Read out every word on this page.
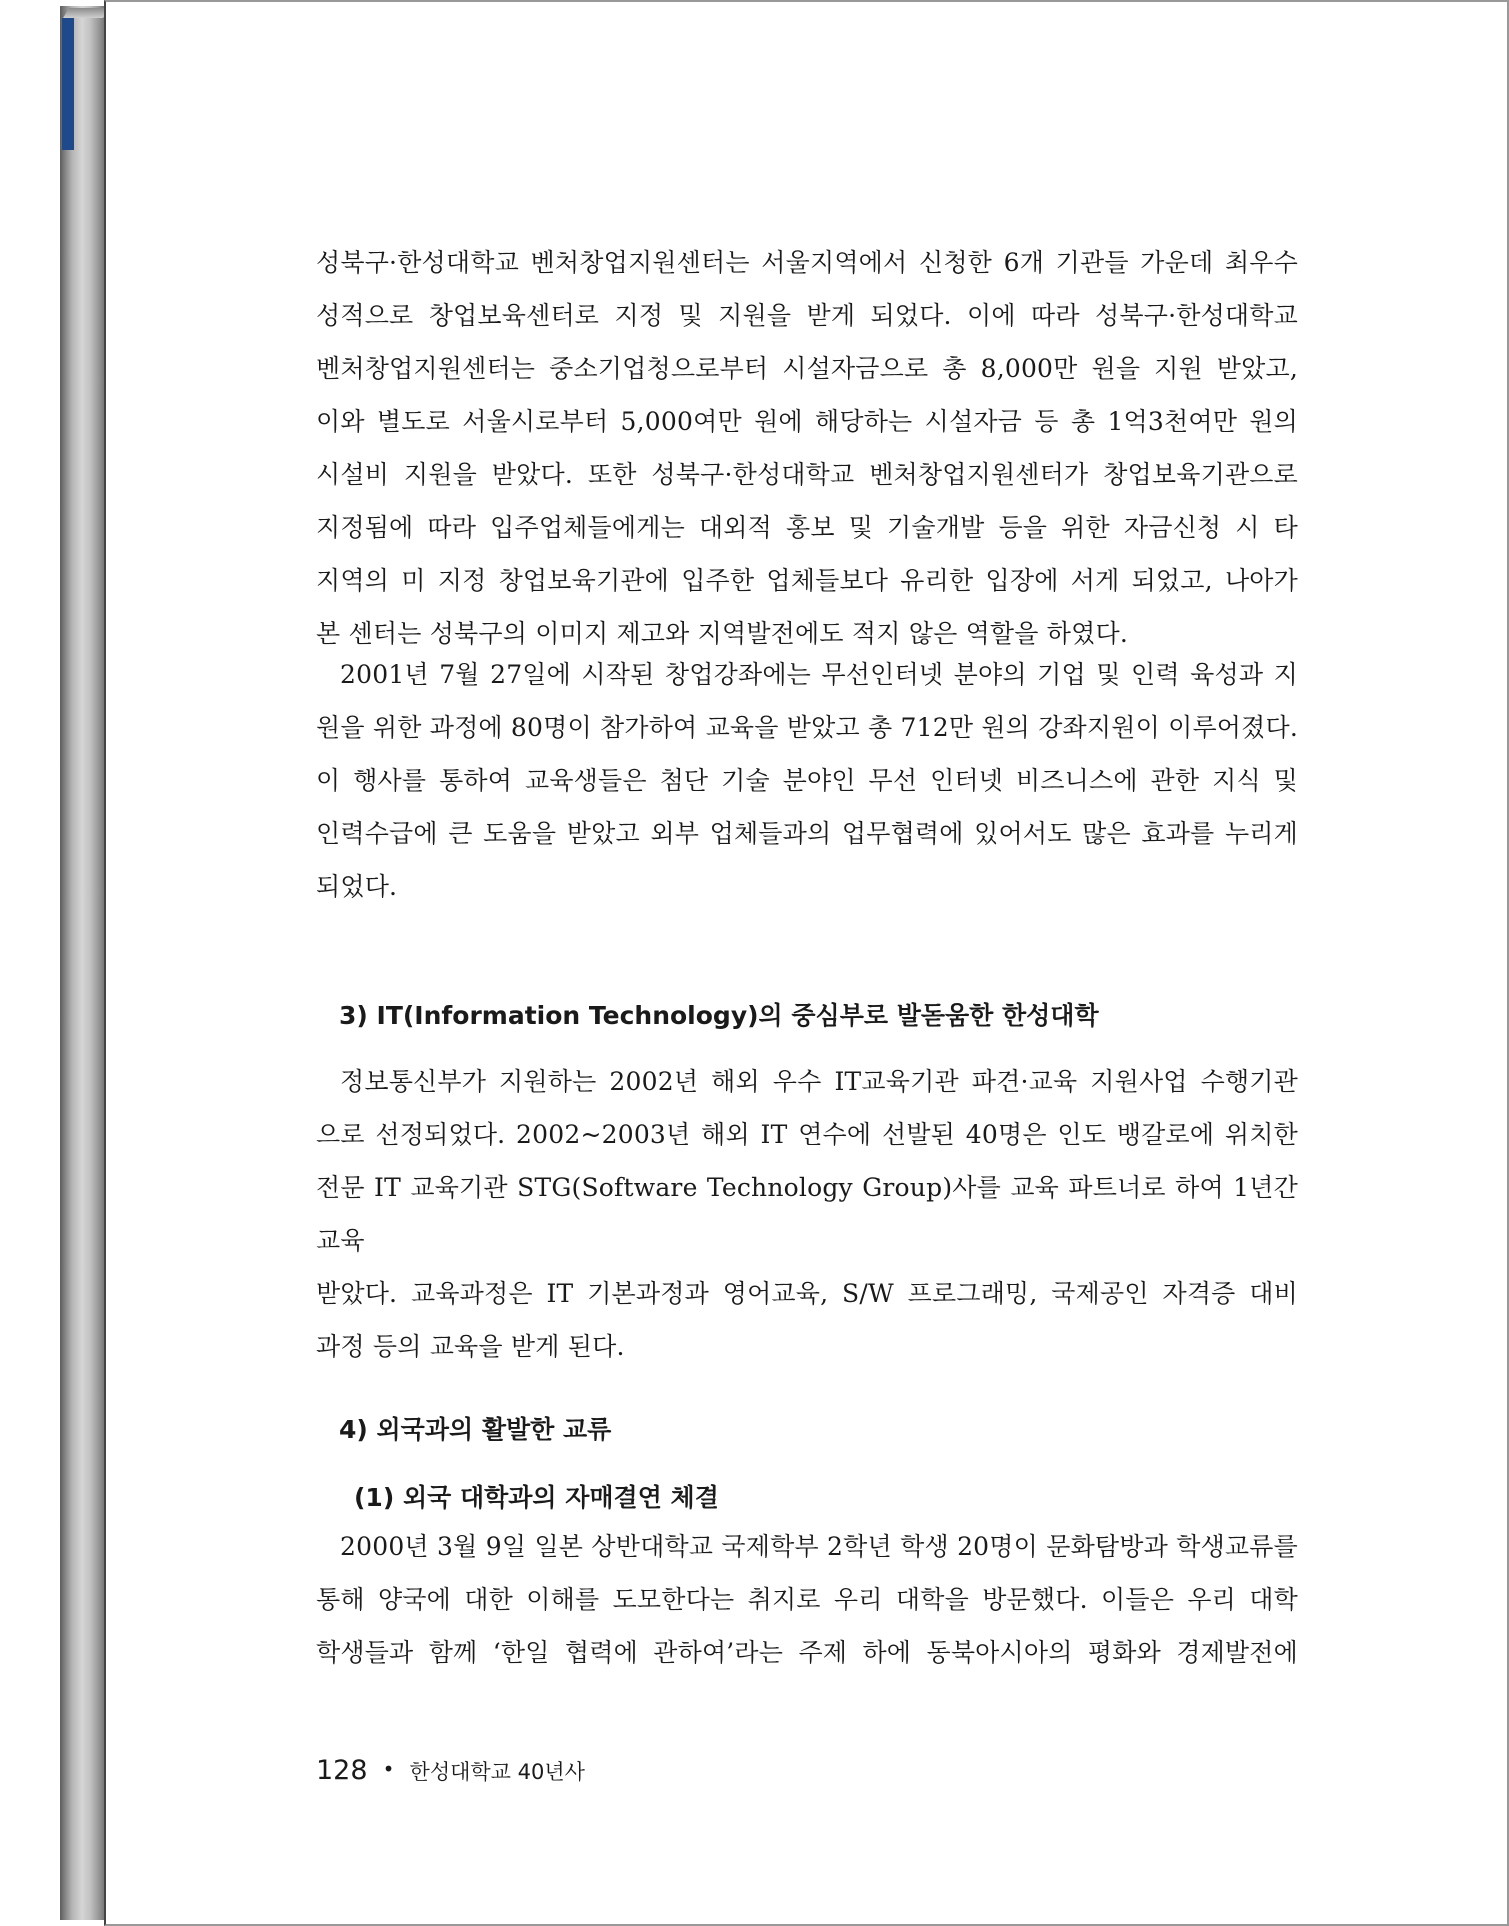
성북구·한성대학교 벤처창업지원센터는 서울지역에서 신청한 6개 기관들 가운데 최우수

성적으로 창업보육센터로 지정 및 지원을 받게 되었다. 이에 따라 성북구·한성대학교

벤처창업지원센터는 중소기업청으로부터 시설자금으로 총 8,000만 원을 지원 받았고,

이와 별도로 서울시로부터 5,000여만 원에 해당하는 시설자금 등 총 1억3천여만 원의

시설비 지원을 받았다. 또한 성북구·한성대학교 벤처창업지원센터가 창업보육기관으로

지정됨에 따라 입주업체들에게는 대외적 홍보 및 기술개발 등을 위한 자금신청 시 타

지역의 미 지정 창업보육기관에 입주한 업체들보다 유리한 입장에 서게 되었고, 나아가

본 센터는 성북구의 이미지 제고와 지역발전에도 적지 않은 역할을 하였다.

2001년 7월 27일에 시작된 창업강좌에는 무선인터넷 분야의 기업 및 인력 육성과 지

원을 위한 과정에 80명이 참가하여 교육을 받았고 총 712만 원의 강좌지원이 이루어졌다.

이 행사를 통하여 교육생들은 첨단 기술 분야인 무선 인터넷 비즈니스에 관한 지식 및

인력수급에 큰 도움을 받았고 외부 업체들과의 업무협력에 있어서도 많은 효과를 누리게

되었다.

3) IT(Information Technology)의 중심부로 발돋움한 한성대학

정보통신부가 지원하는 2002년 해외 우수 IT교육기관 파견·교육 지원사업 수행기관

으로 선정되었다. 2002~2003년 해외 IT 연수에 선발된 40명은 인도 뱅갈로에 위치한

전문 IT 교육기관 STG(Software Technology Group)사를 교육 파트너로 하여 1년간 교육

받았다. 교육과정은 IT 기본과정과 영어교육, S/W 프로그래밍, 국제공인 자격증 대비

과정 등의 교육을 받게 된다.

4) 외국과의 활발한 교류
(1) 외국 대학과의 자매결연 체결

2000년 3월 9일 일본 상반대학교 국제학부 2학년 학생 20명이 문화탐방과 학생교류를

통해 양국에 대한 이해를 도모한다는 취지로 우리 대학을 방문했다. 이들은 우리 대학

학생들과 함께 ‘한일 협력에 관하여’라는 주제 하에 동북아시아의 평화와 경제발전에

128 • 한성대학교 40년사
